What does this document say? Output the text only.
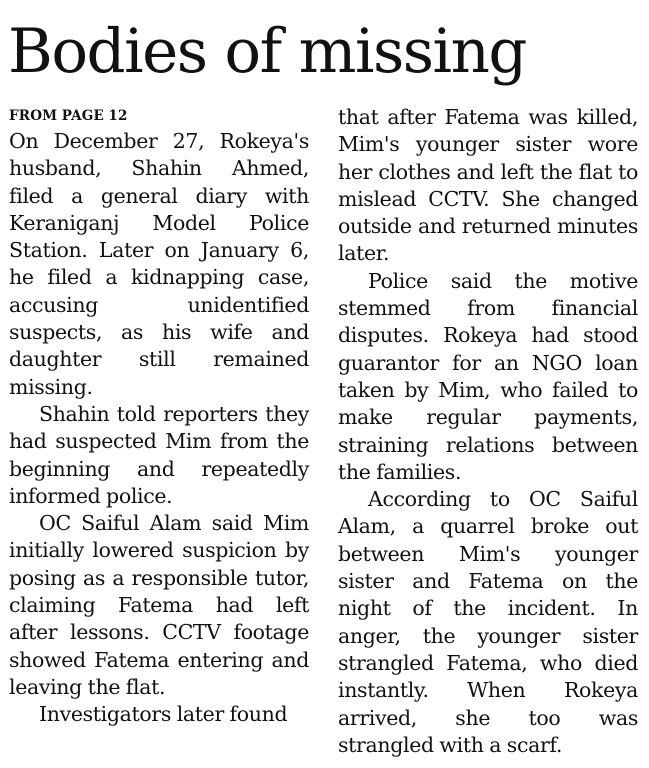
Bodies of missing
FROM PAGE 12

On December 27, Rokeya's husband, Shahin Ahmed, filed a general diary with Keraniganj Model Police Station. Later on January 6, he filed a kidnapping case, accusing unidentified suspects, as his wife and daughter still remained missing.

Shahin told reporters they had suspected Mim from the beginning and repeatedly informed police.

OC Saiful Alam said Mim initially lowered suspicion by posing as a responsible tutor, claiming Fatema had left after lessons. CCTV footage showed Fatema entering and leaving the flat.

Investigators later found

that after Fatema was killed, Mim's younger sister wore her clothes and left the flat to mislead CCTV. She changed outside and returned minutes later.

Police said the motive stemmed from financial disputes. Rokeya had stood guarantor for an NGO loan taken by Mim, who failed to make regular payments, straining relations between the families.

According to OC Saiful Alam, a quarrel broke out between Mim's younger sister and Fatema on the night of the incident. In anger, the younger sister strangled Fatema, who died instantly. When Rokeya arrived, she too was strangled with a scarf.
